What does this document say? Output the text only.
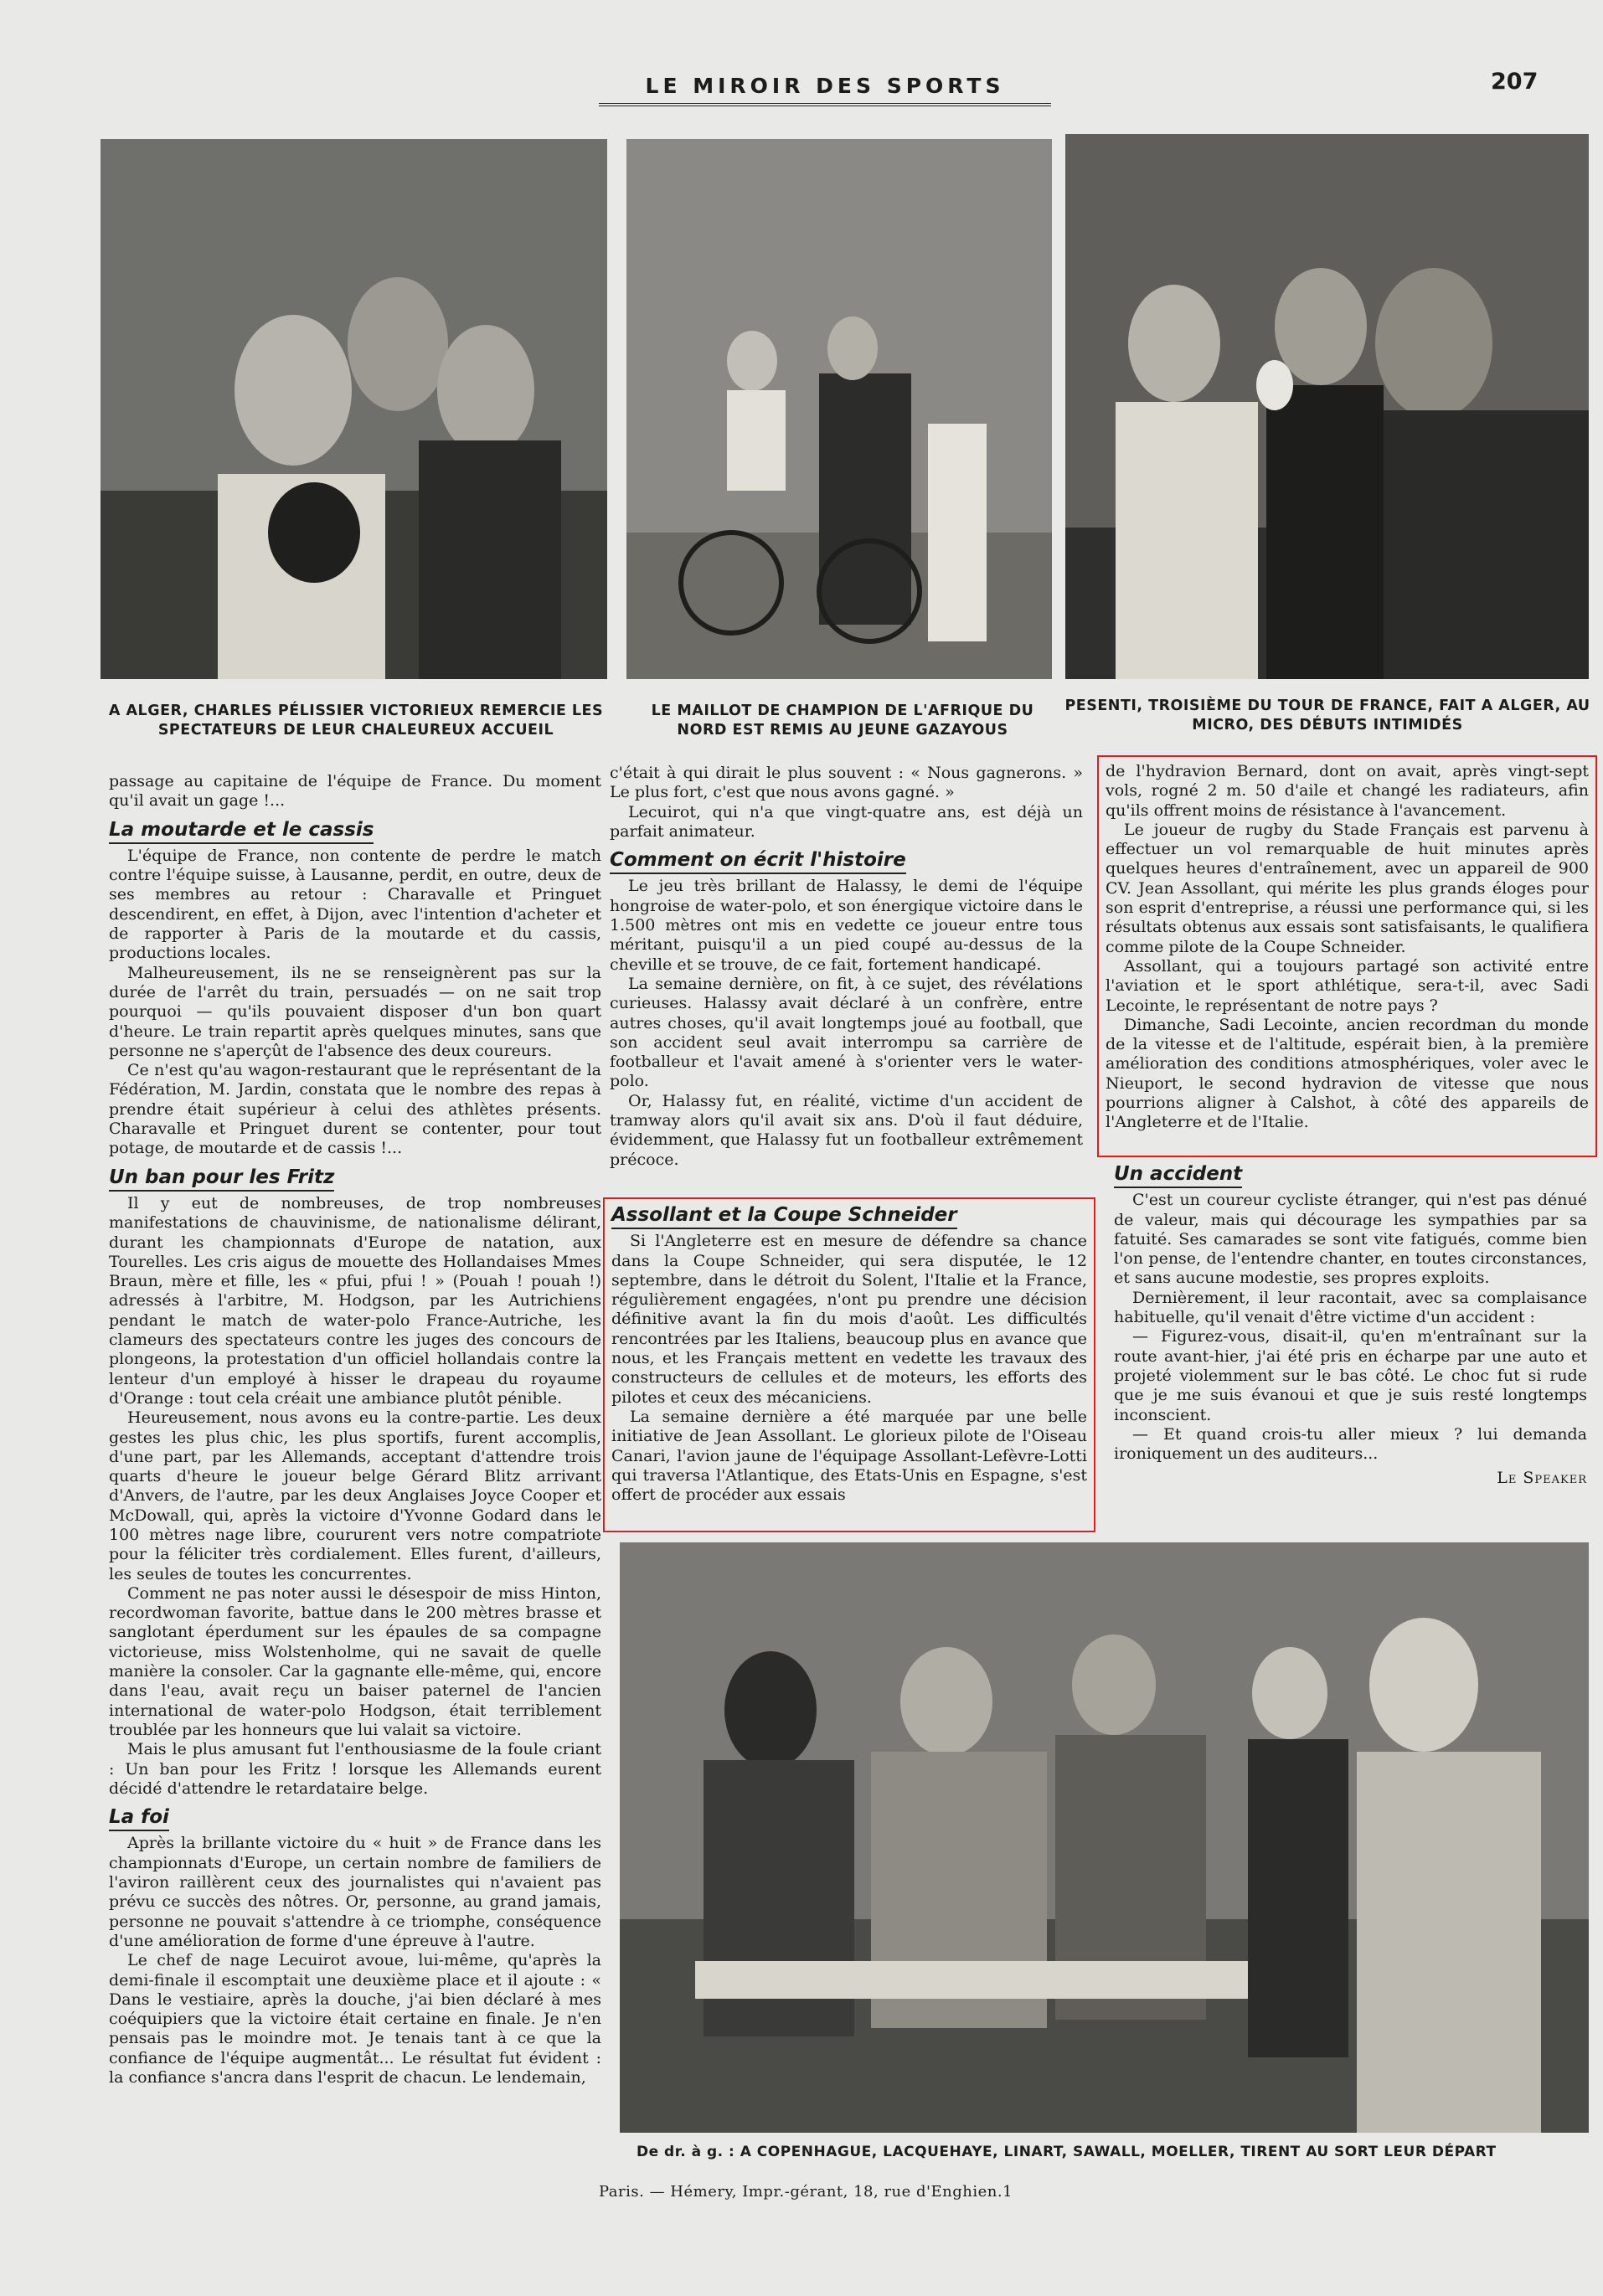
LE MIROIR DES SPORTS	207
A ALGER, CHARLES PÉLISSIER VICTORIEUX REMERCIE LES SPECTATEURS DE LEUR CHALEUREUX ACCUEIL
LE MAILLOT DE CHAMPION DE L'AFRIQUE DU NORD EST REMIS AU JEUNE GAZAYOUS
PESENTI, TROISIÈME DU TOUR DE FRANCE, FAIT A ALGER, AU MICRO, DES DÉBUTS INTIMIDÉS

passage au capitaine de l'équipe de France. Du moment qu'il avait un gage !...

La moutarde et le cassis

L'équipe de France, non contente de perdre le match contre l'équipe suisse, à Lausanne, perdit, en outre, deux de ses membres au retour : Charavalle et Pringuet descendirent, en effet, à Dijon, avec l'intention d'acheter et de rapporter à Paris de la moutarde et du cassis, productions locales.

Malheureusement, ils ne se renseignèrent pas sur la durée de l'arrêt du train, persuadés — on ne sait trop pourquoi — qu'ils pouvaient disposer d'un bon quart d'heure. Le train repartit après quelques minutes, sans que personne ne s'aperçût de l'absence des deux coureurs.

Ce n'est qu'au wagon-restaurant que le représentant de la Fédération, M. Jardin, constata que le nombre des repas à prendre était supérieur à celui des athlètes présents. Charavalle et Pringuet durent se contenter, pour tout potage, de moutarde et de cassis !...

Un ban pour les Fritz

Il y eut de nombreuses, de trop nombreuses manifestations de chauvinisme, de nationalisme délirant, durant les championnats d'Europe de natation, aux Tourelles. Les cris aigus de mouette des Hollandaises Mmes Braun, mère et fille, les « pfui, pfui ! » (Pouah ! pouah !) adressés à l'arbitre, M. Hodgson, par les Autrichiens pendant le match de water-polo France-Autriche, les clameurs des spectateurs contre les juges des concours de plongeons, la protestation d'un officiel hollandais contre la lenteur d'un employé à hisser le drapeau du royaume d'Orange : tout cela créait une ambiance plutôt pénible.

Heureusement, nous avons eu la contre-partie. Les deux gestes les plus chic, les plus sportifs, furent accomplis, d'une part, par les Allemands, acceptant d'attendre trois quarts d'heure le joueur belge Gérard Blitz arrivant d'Anvers, de l'autre, par les deux Anglaises Joyce Cooper et McDowall, qui, après la victoire d'Yvonne Godard dans le 100 mètres nage libre, coururent vers notre compatriote pour la féliciter très cordialement. Elles furent, d'ailleurs, les seules de toutes les concurrentes.

Comment ne pas noter aussi le désespoir de miss Hinton, recordwoman favorite, battue dans le 200 mètres brasse et sanglotant éperdument sur les épaules de sa compagne victorieuse, miss Wolstenholme, qui ne savait de quelle manière la consoler. Car la gagnante elle-même, qui, encore dans l'eau, avait reçu un baiser paternel de l'ancien international de water-polo Hodgson, était terriblement troublée par les honneurs que lui valait sa victoire.

Mais le plus amusant fut l'enthousiasme de la foule criant : Un ban pour les Fritz ! lorsque les Allemands eurent décidé d'attendre le retardataire belge.

La foi

Après la brillante victoire du « huit » de France dans les championnats d'Europe, un certain nombre de familiers de l'aviron raillèrent ceux des journalistes qui n'avaient pas prévu ce succès des nôtres. Or, personne, au grand jamais, personne ne pouvait s'attendre à ce triomphe, conséquence d'une amélioration de forme d'une épreuve à l'autre.

Le chef de nage Lecuirot avoue, lui-même, qu'après la demi-finale il escomptait une deuxième place et il ajoute : « Dans le vestiaire, après la douche, j'ai bien déclaré à mes coéquipiers que la victoire était certaine en finale. Je n'en pensais pas le moindre mot. Je tenais tant à ce que la confiance de l'équipe augmentât... Le résultat fut évident : la confiance s'ancra dans l'esprit de chacun. Le lendemain,

c'était à qui dirait le plus souvent : « Nous gagnerons. » Le plus fort, c'est que nous avons gagné. »

Lecuirot, qui n'a que vingt-quatre ans, est déjà un parfait animateur.

Comment on écrit l'histoire

Le jeu très brillant de Halassy, le demi de l'équipe hongroise de water-polo, et son énergique victoire dans le 1.500 mètres ont mis en vedette ce joueur entre tous méritant, puisqu'il a un pied coupé au-dessus de la cheville et se trouve, de ce fait, fortement handicapé.

La semaine dernière, on fit, à ce sujet, des révélations curieuses. Halassy avait déclaré à un confrère, entre autres choses, qu'il avait longtemps joué au football, que son accident seul avait interrompu sa carrière de footballeur et l'avait amené à s'orienter vers le water-polo.

Or, Halassy fut, en réalité, victime d'un accident de tramway alors qu'il avait six ans. D'où il faut déduire, évidemment, que Halassy fut un footballeur extrêmement précoce.

Assollant et la Coupe Schneider

Si l'Angleterre est en mesure de défendre sa chance dans la Coupe Schneider, qui sera disputée, le 12 septembre, dans le détroit du Solent, l'Italie et la France, régulièrement engagées, n'ont pu prendre une décision définitive avant la fin du mois d'août. Les difficultés rencontrées par les Italiens, beaucoup plus en avance que nous, et les Français mettent en vedette les travaux des constructeurs de cellules et de moteurs, les efforts des pilotes et ceux des mécaniciens.

La semaine dernière a été marquée par une belle initiative de Jean Assollant. Le glorieux pilote de l'Oiseau Canari, l'avion jaune de l'équipage Assollant-Lefèvre-Lotti qui traversa l'Atlantique, des Etats-Unis en Espagne, s'est offert de procéder aux essais

de l'hydravion Bernard, dont on avait, après vingt-sept vols, rogné 2 m. 50 d'aile et changé les radiateurs, afin qu'ils offrent moins de résistance à l'avancement.

Le joueur de rugby du Stade Français est parvenu à effectuer un vol remarquable de huit minutes après quelques heures d'entraînement, avec un appareil de 900 CV. Jean Assollant, qui mérite les plus grands éloges pour son esprit d'entreprise, a réussi une performance qui, si les résultats obtenus aux essais sont satisfaisants, le qualifiera comme pilote de la Coupe Schneider.

Assollant, qui a toujours partagé son activité entre l'aviation et le sport athlétique, sera-t-il, avec Sadi Lecointe, le représentant de notre pays ?

Dimanche, Sadi Lecointe, ancien recordman du monde de la vitesse et de l'altitude, espérait bien, à la première amélioration des conditions atmosphériques, voler avec le Nieuport, le second hydravion de vitesse que nous pourrions aligner à Calshot, à côté des appareils de l'Angleterre et de l'Italie.

Un accident

C'est un coureur cycliste étranger, qui n'est pas dénué de valeur, mais qui décourage les sympathies par sa fatuité. Ses camarades se sont vite fatigués, comme bien l'on pense, de l'entendre chanter, en toutes circonstances, et sans aucune modestie, ses propres exploits.

Dernièrement, il leur racontait, avec sa complaisance habituelle, qu'il venait d'être victime d'un accident :

— Figurez-vous, disait-il, qu'en m'entraînant sur la route avant-hier, j'ai été pris en écharpe par une auto et projeté violemment sur le bas côté. Le choc fut si rude que je me suis évanoui et que je suis resté longtemps inconscient.

— Et quand crois-tu aller mieux ? lui demanda ironiquement un des auditeurs...

Le Speaker

De dr. à g. : A COPENHAGUE, LACQUEHAYE, LINART, SAWALL, MOELLER, TIRENT AU SORT LEUR DÉPART
Paris. — Hémery, Impr.-gérant, 18, rue d'Enghien.1
